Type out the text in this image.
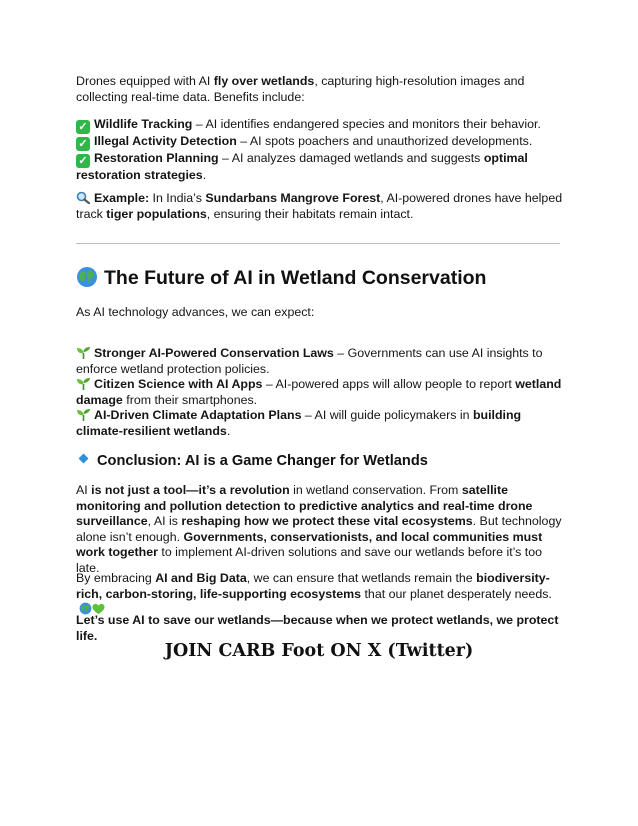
Drones equipped with AI fly over wetlands, capturing high-resolution images and collecting real-time data. Benefits include:
✓ Wildlife Tracking – AI identifies endangered species and monitors their behavior.
✓ Illegal Activity Detection – AI spots poachers and unauthorized developments.
✓ Restoration Planning – AI analyzes damaged wetlands and suggests optimal restoration strategies.
Example: In India’s Sundarbans Mangrove Forest, AI-powered drones have helped track tiger populations, ensuring their habitats remain intact.
The Future of AI in Wetland Conservation
As AI technology advances, we can expect:
Stronger AI-Powered Conservation Laws – Governments can use AI insights to enforce wetland protection policies.
Citizen Science with AI Apps – AI-powered apps will allow people to report wetland damage from their smartphones.
AI-Driven Climate Adaptation Plans – AI will guide policymakers in building climate-resilient wetlands.
Conclusion: AI is a Game Changer for Wetlands
AI is not just a tool—it’s a revolution in wetland conservation. From satellite monitoring and pollution detection to predictive analytics and real-time drone surveillance, AI is reshaping how we protect these vital ecosystems. But technology alone isn’t enough. Governments, conservationists, and local communities must work together to implement AI-driven solutions and save our wetlands before it’s too late.
By embracing AI and Big Data, we can ensure that wetlands remain the biodiversity-rich, carbon-storing, life-supporting ecosystems that our planet desperately needs.
Let’s use AI to save our wetlands—because when we protect wetlands, we protect life.
JOIN CARB Foot ON X (Twitter)
